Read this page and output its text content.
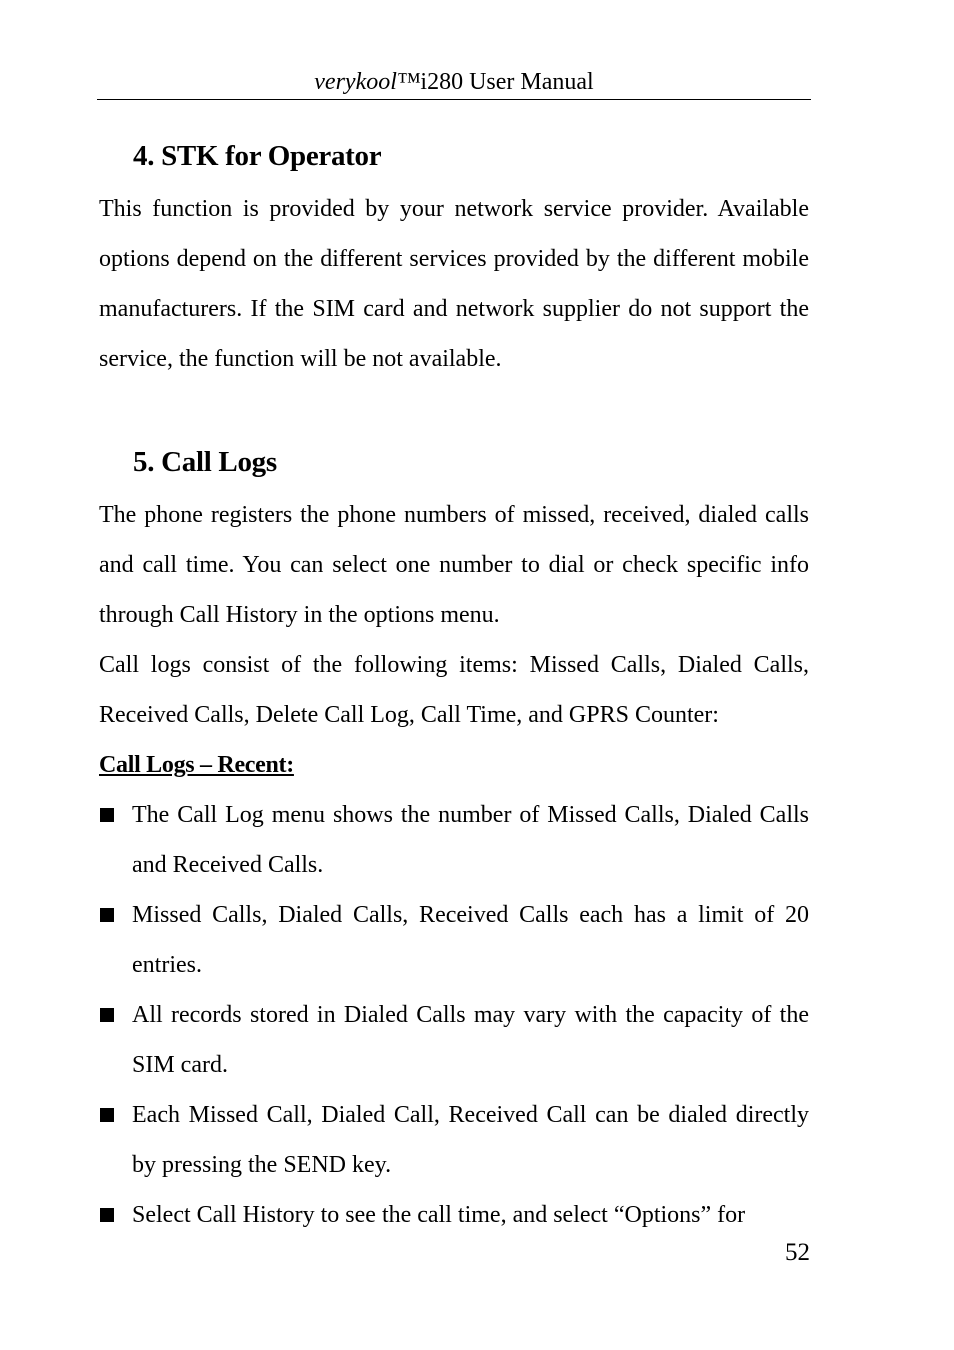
verykool™i280 User Manual
4. STK for Operator

This function is provided by your network service provider. Available options depend on the different services provided by the different mobile manufacturers. If the SIM card and network supplier do not support the service, the function will be not available.

5. Call Logs

The phone registers the phone numbers of missed, received, dialed calls and call time. You can select one number to dial or check specific info through Call History in the options menu.

Call logs consist of the following items: Missed Calls, Dialed Calls, Received Calls, Delete Call Log, Call Time, and GPRS Counter:

Call Logs – Recent:

The Call Log menu shows the number of Missed Calls, Dialed Calls and Received Calls.
Missed Calls, Dialed Calls, Received Calls each has a limit of 20 entries.
All records stored in Dialed Calls may vary with the capacity of the SIM card.
Each Missed Call, Dialed Call, Received Call can be dialed directly by pressing the SEND key.
Select Call History to see the call time, and select “Options” for
52
